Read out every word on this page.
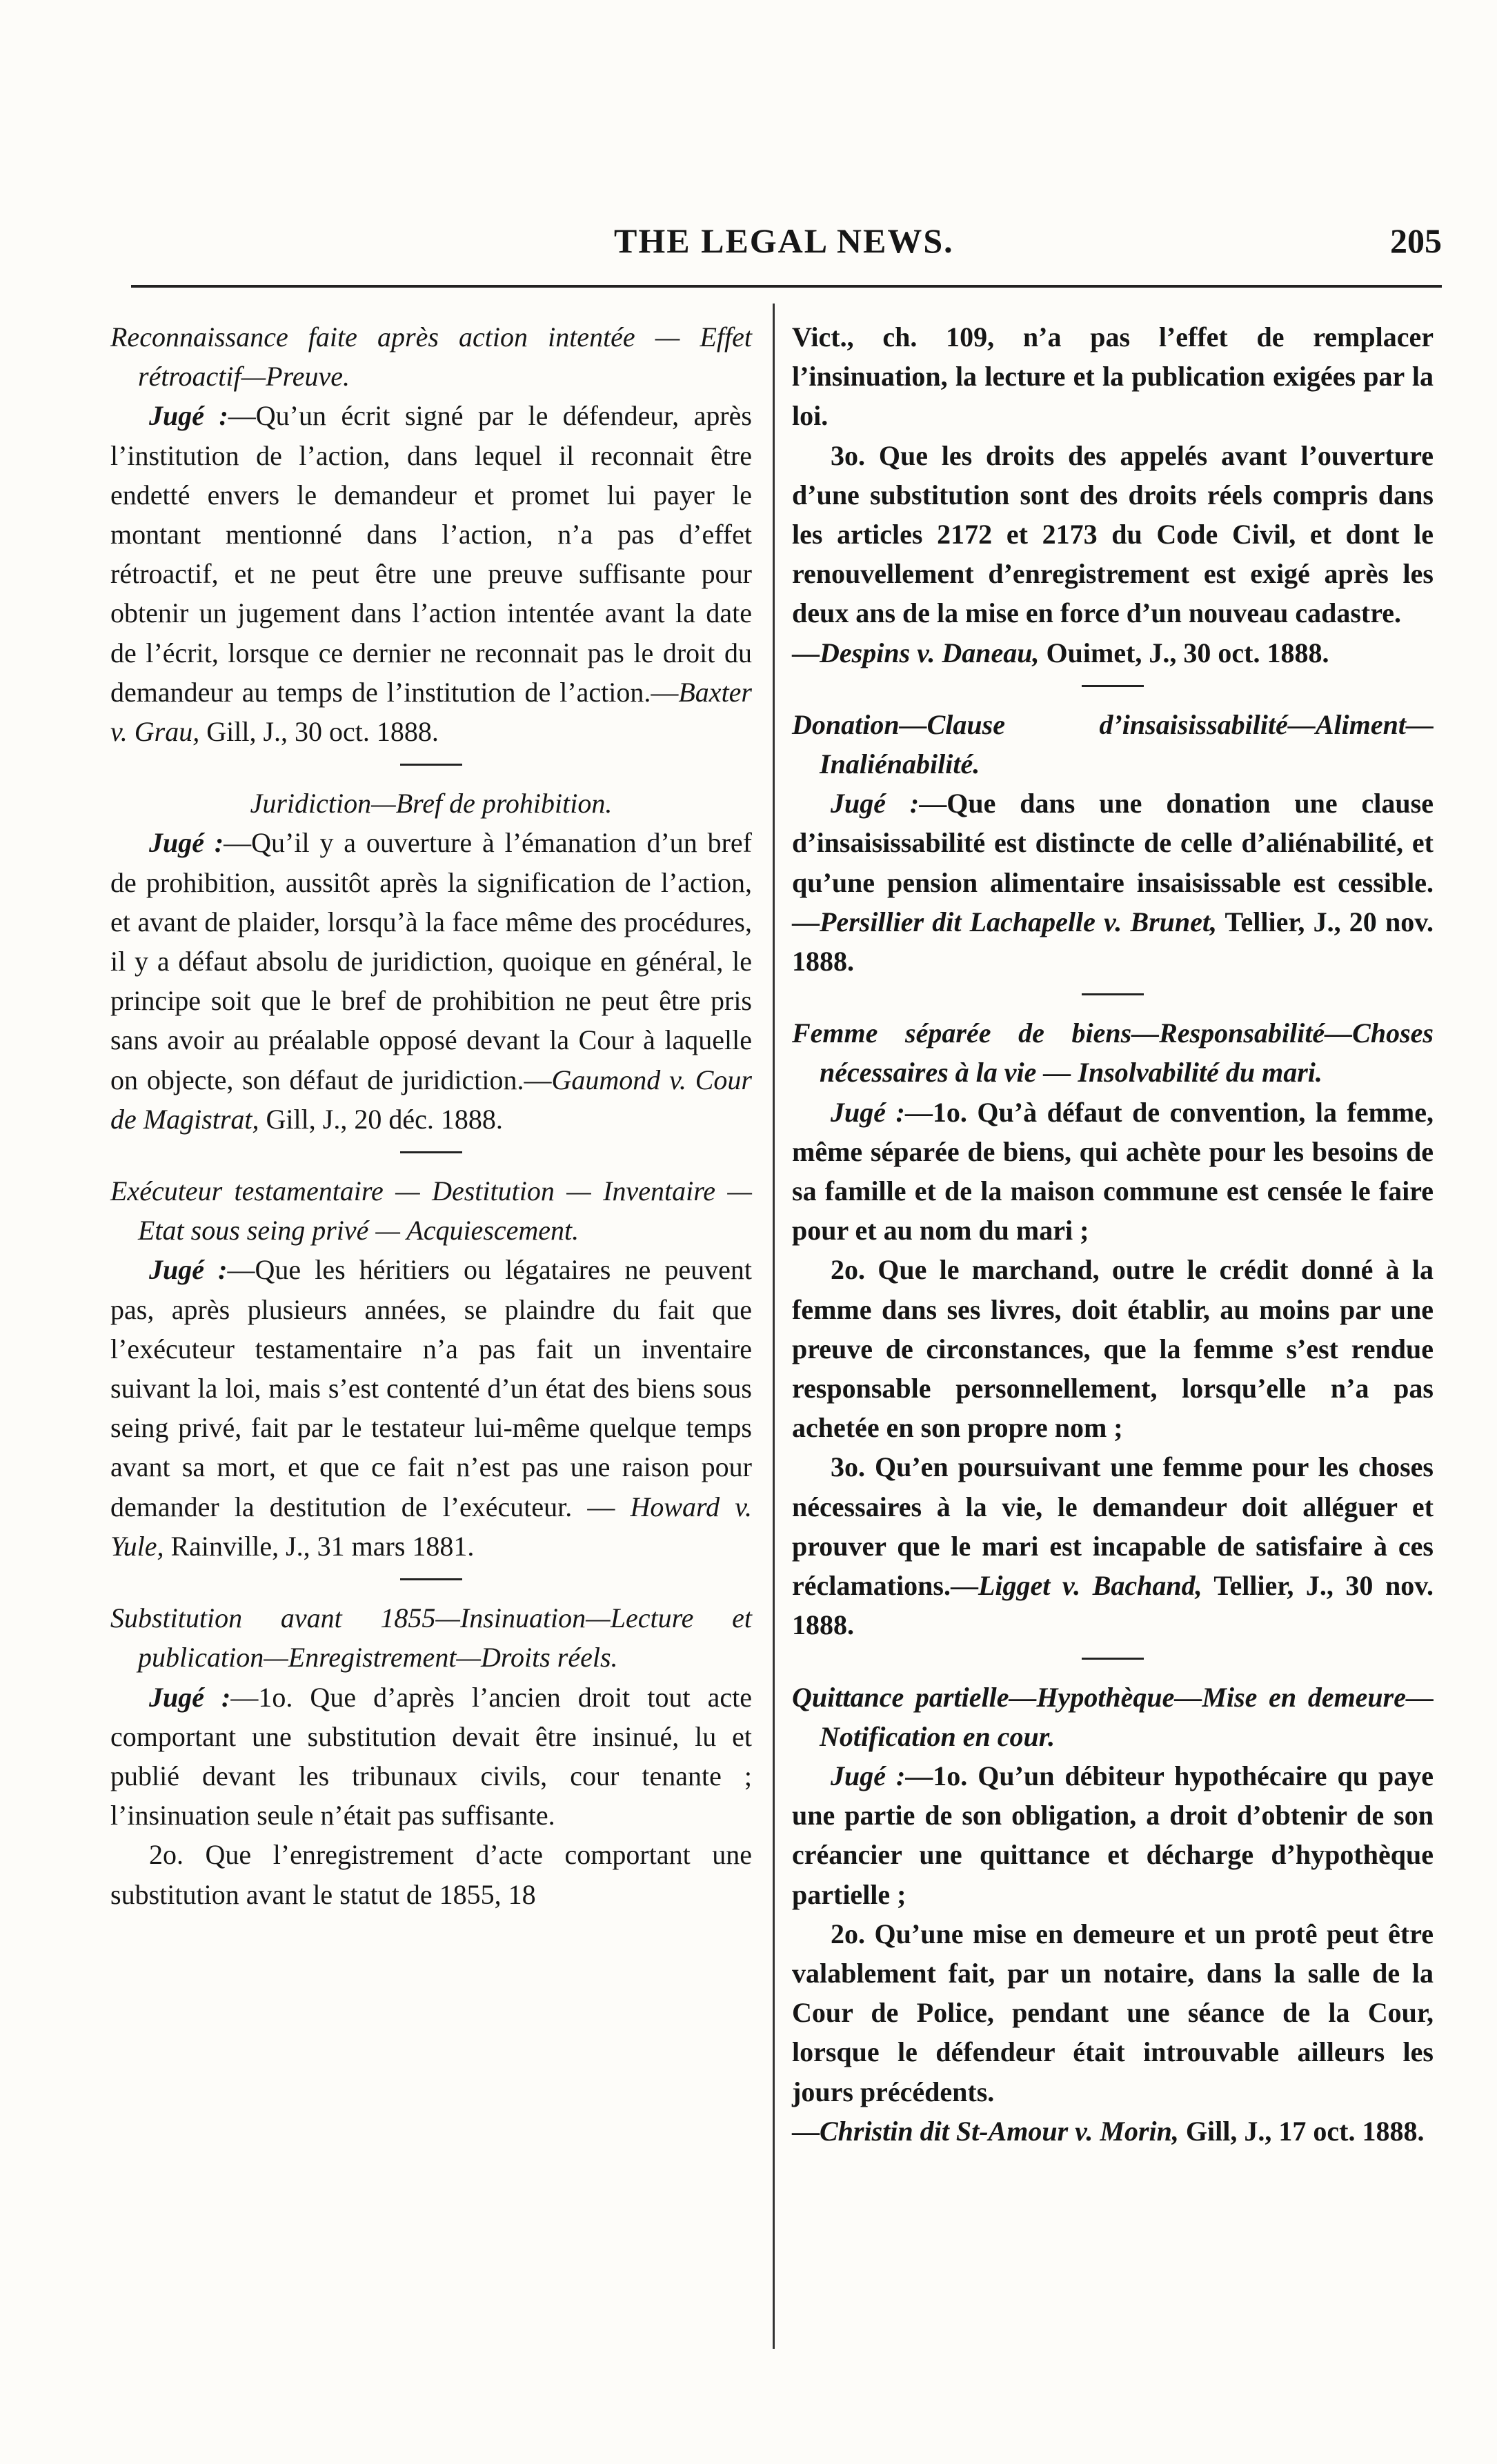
THE LEGAL NEWS.	205

Reconnaissance faite après action intentée — Effet rétroactif—Preuve.

Jugé :—Qu’un écrit signé par le défendeur, après l’institution de l’action, dans lequel il reconnait être endetté envers le demandeur et promet lui payer le montant mentionné dans l’action, n’a pas d’effet rétroactif, et ne peut être une preuve suffisante pour obtenir un jugement dans l’action intentée avant la date de l’écrit, lorsque ce dernier ne reconnait pas le droit du demandeur au temps de l’institution de l’action.—Baxter v. Grau, Gill, J., 30 oct. 1888.

Juridiction—Bref de prohibition.

Jugé :—Qu’il y a ouverture à l’émanation d’un bref de prohibition, aussitôt après la signification de l’action, et avant de plaider, lorsqu’à la face même des procédures, il y a défaut absolu de juridiction, quoique en général, le principe soit que le bref de prohibition ne peut être pris sans avoir au préalable opposé devant la Cour à laquelle on objecte, son défaut de juridiction.—Gaumond v. Cour de Magistrat, Gill, J., 20 déc. 1888.

Exécuteur testamentaire — Destitution — Inventaire — Etat sous seing privé — Acquiescement.

Jugé :—Que les héritiers ou légataires ne peuvent pas, après plusieurs années, se plaindre du fait que l’exécuteur testamentaire n’a pas fait un inventaire suivant la loi, mais s’est contenté d’un état des biens sous seing privé, fait par le testateur lui-même quelque temps avant sa mort, et que ce fait n’est pas une raison pour demander la destitution de l’exécuteur. — Howard v. Yule, Rainville, J., 31 mars 1881.

Substitution avant 1855—Insinuation—Lecture et publication—Enregistrement—Droits réels.

Jugé :—1o. Que d’après l’ancien droit tout acte comportant une substitution devait être insinué, lu et publié devant les tribunaux civils, cour tenante ; l’insinuation seule n’était pas suffisante.

2o. Que l’enregistrement d’acte comportant une substitution avant le statut de 1855, 18

Vict., ch. 109, n’a pas l’effet de remplacer l’insinuation, la lecture et la publication exigées par la loi.

3o. Que les droits des appelés avant l’ouverture d’une substitution sont des droits réels compris dans les articles 2172 et 2173 du Code Civil, et dont le renouvellement d’enregistrement est exigé après les deux ans de la mise en force d’un nouveau cadastre.

—Despins v. Daneau, Ouimet, J., 30 oct. 1888.

Donation—Clause d’insaisissabilité—Aliment—Inaliénabilité.

Jugé :—Que dans une donation une clause d’insaisissabilité est distincte de celle d’aliénabilité, et qu’une pension alimentaire insaisissable est cessible.—Persillier dit Lachapelle v. Brunet, Tellier, J., 20 nov. 1888.

Femme séparée de biens—Responsabilité—Choses nécessaires à la vie — Insolvabilité du mari.

Jugé :—1o. Qu’à défaut de convention, la femme, même séparée de biens, qui achète pour les besoins de sa famille et de la maison commune est censée le faire pour et au nom du mari ;

2o. Que le marchand, outre le crédit donné à la femme dans ses livres, doit établir, au moins par une preuve de circonstances, que la femme s’est rendue responsable personnellement, lorsqu’elle n’a pas achetée en son propre nom ;

3o. Qu’en poursuivant une femme pour les choses nécessaires à la vie, le demandeur doit alléguer et prouver que le mari est incapable de satisfaire à ces réclamations.—Ligget v. Bachand, Tellier, J., 30 nov. 1888.

Quittance partielle—Hypothèque—Mise en demeure—Notification en cour.

Jugé :—1o. Qu’un débiteur hypothécaire qu paye une partie de son obligation, a droit d’obtenir de son créancier une quittance et décharge d’hypothèque partielle ;

2o. Qu’une mise en demeure et un protê peut être valablement fait, par un notaire, dans la salle de la Cour de Police, pendant une séance de la Cour, lorsque le défendeur était introuvable ailleurs les jours précédents.

—Christin dit St-Amour v. Morin, Gill, J., 17 oct. 1888.
